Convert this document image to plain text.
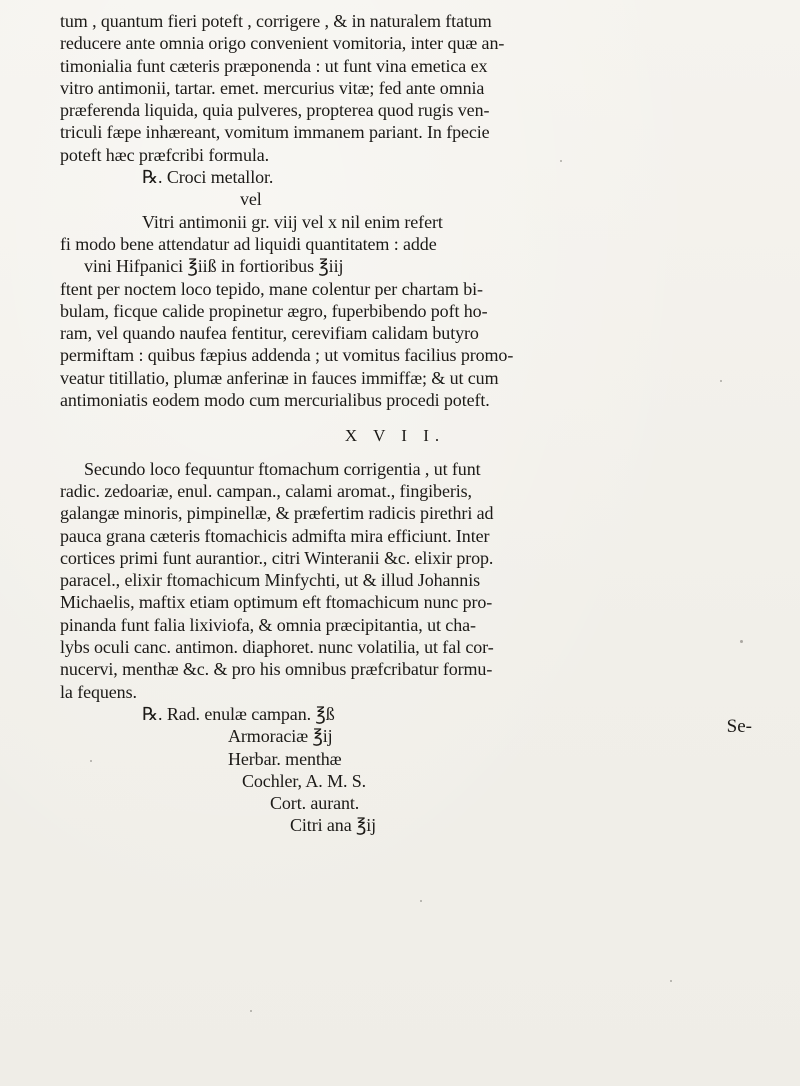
tum , quantum fieri poteft , corrigere , & in naturalem ftatum
reducere ante omnia origo convenient vomitoria, inter quæ an-
timonialia funt cæteris præponenda : ut funt vina emetica ex
vitro antimonii, tartar. emet. mercurius vitæ; fed ante omnia
præferenda liquida, quia pulveres, propterea quod rugis ven-
triculi fæpe inhæreant, vomitum immanem pariant. In fpecie
poteft hæc præfcribi formula.
℞. Croci metallor.
vel
Vitri antimonii gr. viij vel x nil enim refert
fi modo bene attendatur ad liquidi quantitatem : adde
vini Hifpanici ℥iiß in fortioribus ℥iij
ftent per noctem loco tepido, mane colentur per chartam bi-
bulam, ficque calide propinetur ægro, fuperbibendo poft ho-
ram, vel quando naufea fentitur, cerevifiam calidam butyro
permiftam : quibus fæpius addenda ; ut vomitus facilius promo-
veatur titillatio, plumæ anferinæ in fauces immiffæ; & ut cum
antimoniatis eodem modo cum mercurialibus procedi poteft.
X V I I.
Secundo loco fequuntur ftomachum corrigentia , ut funt
radic. zedoariæ, enul. campan., calami aromat., fingiberis,
galangæ minoris, pimpinellæ, & præfertim radicis pirethri ad
pauca grana cæteris ftomachicis admifta mira efficiunt. Inter
cortices primi funt aurantior., citri Winteranii &c. elixir prop.
paracel., elixir ftomachicum Minfychti, ut & illud Johannis
Michaelis, maftix etiam optimum eft ftomachicum nunc pro-
pinanda funt falia lixiviofa, & omnia præcipitantia, ut cha-
lybs oculi canc. antimon. diaphoret. nunc volatilia, ut fal cor-
nucervi, menthæ &c. & pro his omnibus præfcribatur formu-
la fequens.
℞. Rad. enulæ campan. ℥ß
Armoraciæ ℥ij
Herbar. menthæ
Cochler, A. M. S.
Cort. aurant.
Citri ana ℥ij
Se-
